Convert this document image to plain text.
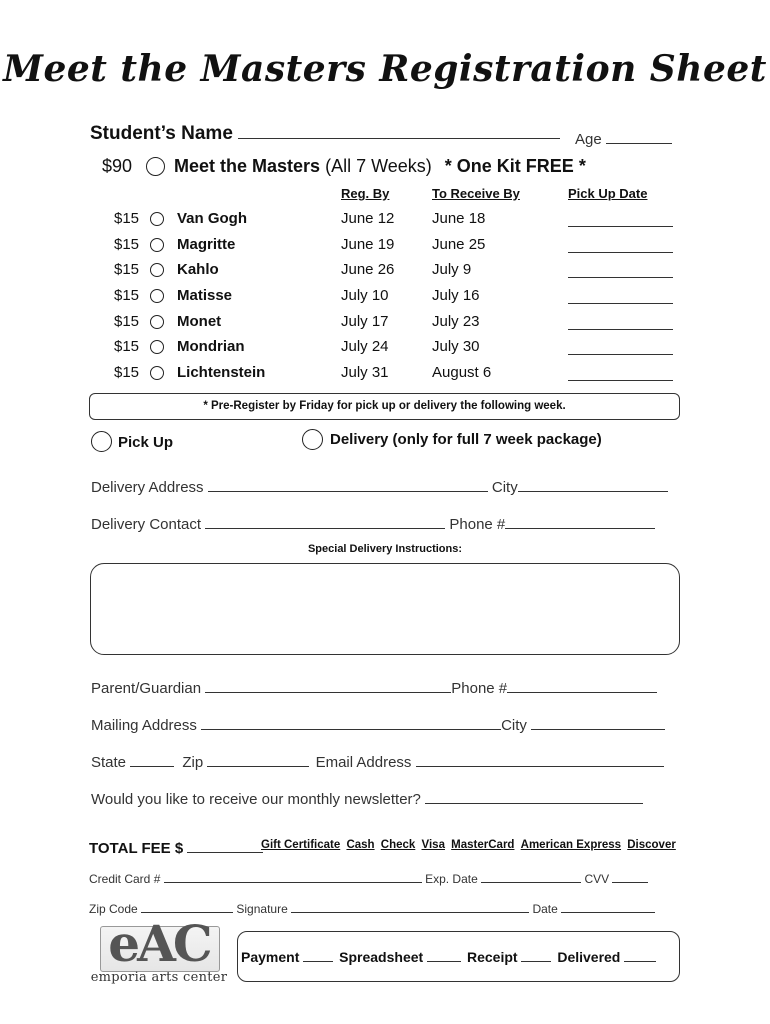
Meet the Masters Registration Sheet
Student’s Name	Age
$90 Meet the Masters (All 7 Weeks) * One Kit FREE *
Reg. By	To Receive By	Pick Up Date
$15	Van Gogh	June 12	June 18
$15	Magritte	June 19	June 25
$15	Kahlo	June 26	July 9
$15	Matisse	July 10	July 16
$15	Monet	July 17	July 23
$15	Mondrian	July 24	July 30
$15	Lichtenstein	July 31	August 6
* Pre-Register by Friday for pick up or delivery the following week.
Pick Up	Delivery (only for full 7 week package)
Delivery Address	City
Delivery Contact	Phone #
Special Delivery Instructions:
Parent/Guardian	Phone #
Mailing Address	City
State	Zip	Email Address
Would you like to receive our monthly newsletter?
TOTAL FEE $	Gift Certificate Cash Check Visa MasterCard American Express Discover
Credit Card #	Exp. Date	CVV
Zip Code	Signature	Date
eAC
emporia arts center
Payment	Spreadsheet	Receipt	Delivered
